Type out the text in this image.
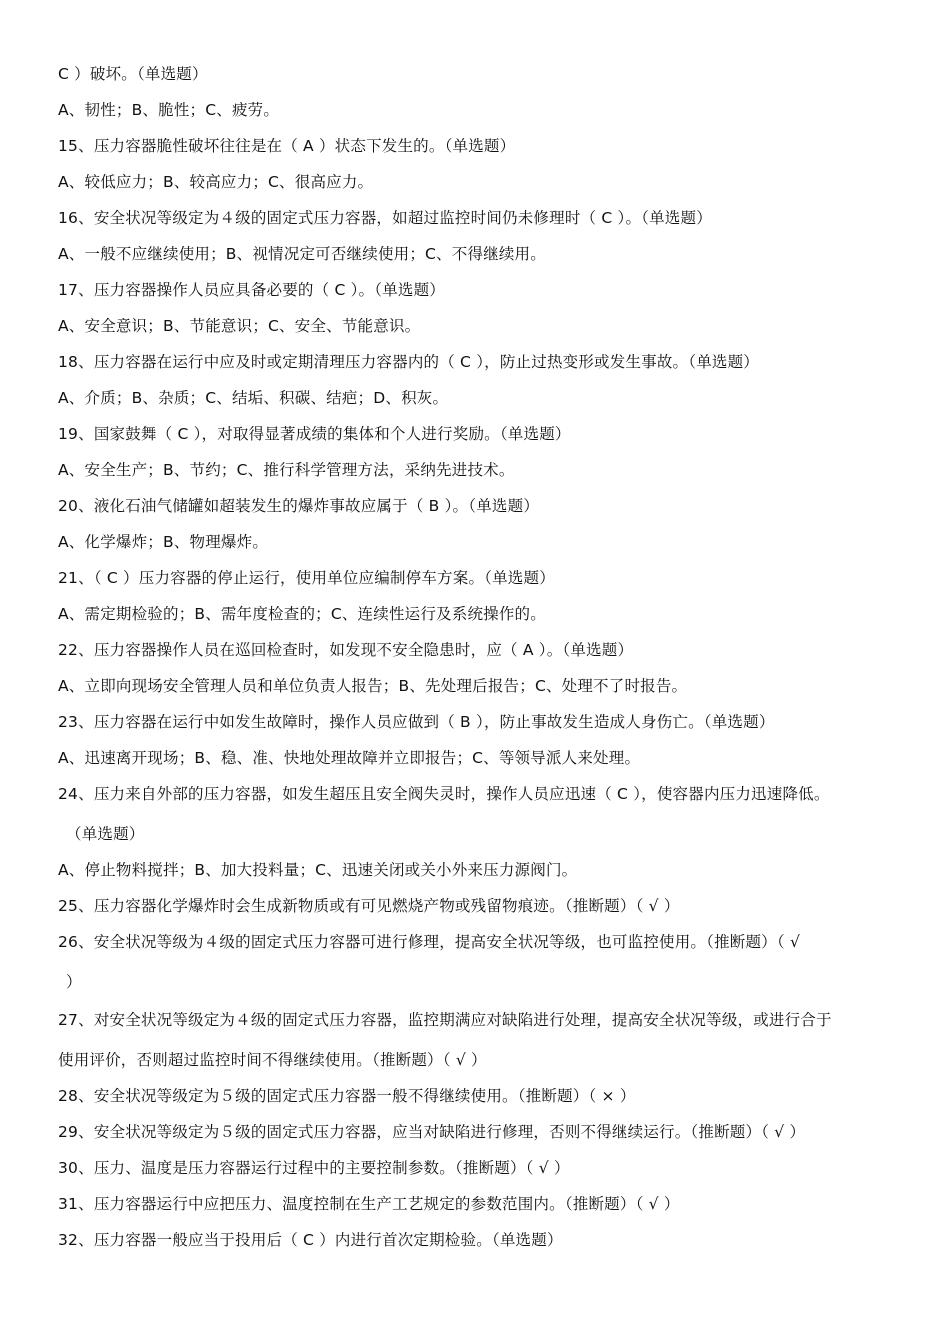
C ）破坏。（单选题）
A、韧性；B、脆性；C、疲劳。
15、压力容器脆性破坏往往是在（ A ）状态下发生的。（单选题）
A、较低应力；B、较高应力；C、很高应力。
16、安全状况等级定为４级的固定式压力容器，如超过监控时间仍未修理时（ C ）。（单选题）
A、一般不应继续使用；B、视情况定可否继续使用；C、不得继续用。
17、压力容器操作人员应具备必要的（ C ）。（单选题）
A、安全意识；B、节能意识；C、安全、节能意识。
18、压力容器在运行中应及时或定期清理压力容器内的（ C ），防止过热变形或发生事故。（单选题）
A、介质；B、杂质；C、结垢、积碳、结疤；D、积灰。
19、国家鼓舞（ C ），对取得显著成绩的集体和个人进行奖励。（单选题）
A、安全生产；B、节约；C、推行科学管理方法，采纳先进技术。
20、液化石油气储罐如超装发生的爆炸事故应属于（ B ）。（单选题）
A、化学爆炸；B、物理爆炸。
21、（ C ）压力容器的停止运行，使用单位应编制停车方案。（单选题）
A、需定期检验的；B、需年度检查的；C、连续性运行及系统操作的。
22、压力容器操作人员在巡回检查时，如发现不安全隐患时，应（ A ）。（单选题）
A、立即向现场安全管理人员和单位负责人报告；B、先处理后报告；C、处理不了时报告。
23、压力容器在运行中如发生故障时，操作人员应做到（ B ），防止事故发生造成人身伤亡。（单选题）
A、迅速离开现场；B、稳、准、快地处理故障并立即报告；C、等领导派人来处理。
24、压力来自外部的压力容器，如发生超压且安全阀失灵时，操作人员应迅速（ C ），使容器内压力迅速降低。
（单选题）
A、停止物料搅拌；B、加大投料量；C、迅速关闭或关小外来压力源阀门。
25、压力容器化学爆炸时会生成新物质或有可见燃烧产物或残留物痕迹。（推断题）（ √ ）
26、安全状况等级为４级的固定式压力容器可进行修理，提高安全状况等级，也可监控使用。（推断题）（ √
）
27、对安全状况等级定为４级的固定式压力容器，监控期满应对缺陷进行处理，提高安全状况等级，或进行合于
使用评价，否则超过监控时间不得继续使用。（推断题）（ √ ）
28、安全状况等级定为５级的固定式压力容器一般不得继续使用。（推断题）（ × ）
29、安全状况等级定为５级的固定式压力容器，应当对缺陷进行修理，否则不得继续运行。（推断题）（ √ ）
30、压力、温度是压力容器运行过程中的主要控制参数。（推断题）（ √ ）
31、压力容器运行中应把压力、温度控制在生产工艺规定的参数范围内。（推断题）（ √ ）
32、压力容器一般应当于投用后（ C ）内进行首次定期检验。（单选题）
